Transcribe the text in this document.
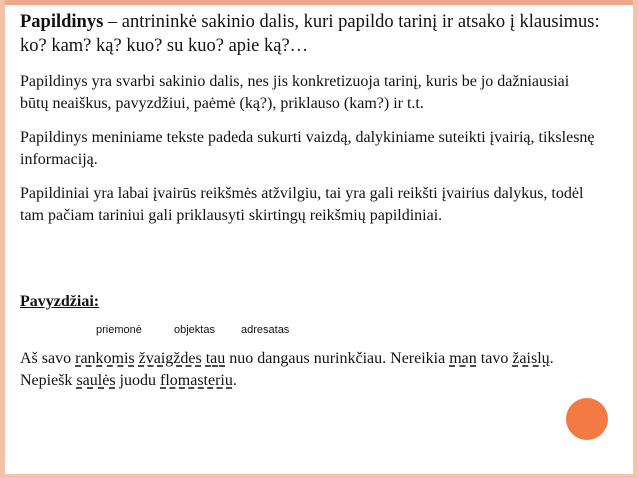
Papildinys – antrininkė sakinio dalis, kuri papildo tarinį ir atsako į klausimus: ko? kam? ką? kuo? su kuo? apie ką?…

Papildinys yra svarbi sakinio dalis, nes jis konkretizuoja tarinį, kuris be jo dažniausiai būtų neaiškus, pavyzdžiui, paėmė (ką?), priklauso (kam?) ir t.t.

Papildinys meniniame tekste padeda sukurti vaizdą, dalykiniame suteikti įvairią, tikslesnę informaciją.

Papildiniai yra labai įvairūs reikšmės atžvilgiu, tai yra gali reikšti įvairius dalykus, todėl tam pačiam tariniui gali priklausyti skirtingų reikšmių papildiniai.

Pavyzdžiai:

priemonė	objektas adresatas

Aš savo rankomis žvaigždes tau nuo dangaus nurinkčiau. Nereikia man tavo žaislų. Nepiešk saulės juodu flomasteriu.
